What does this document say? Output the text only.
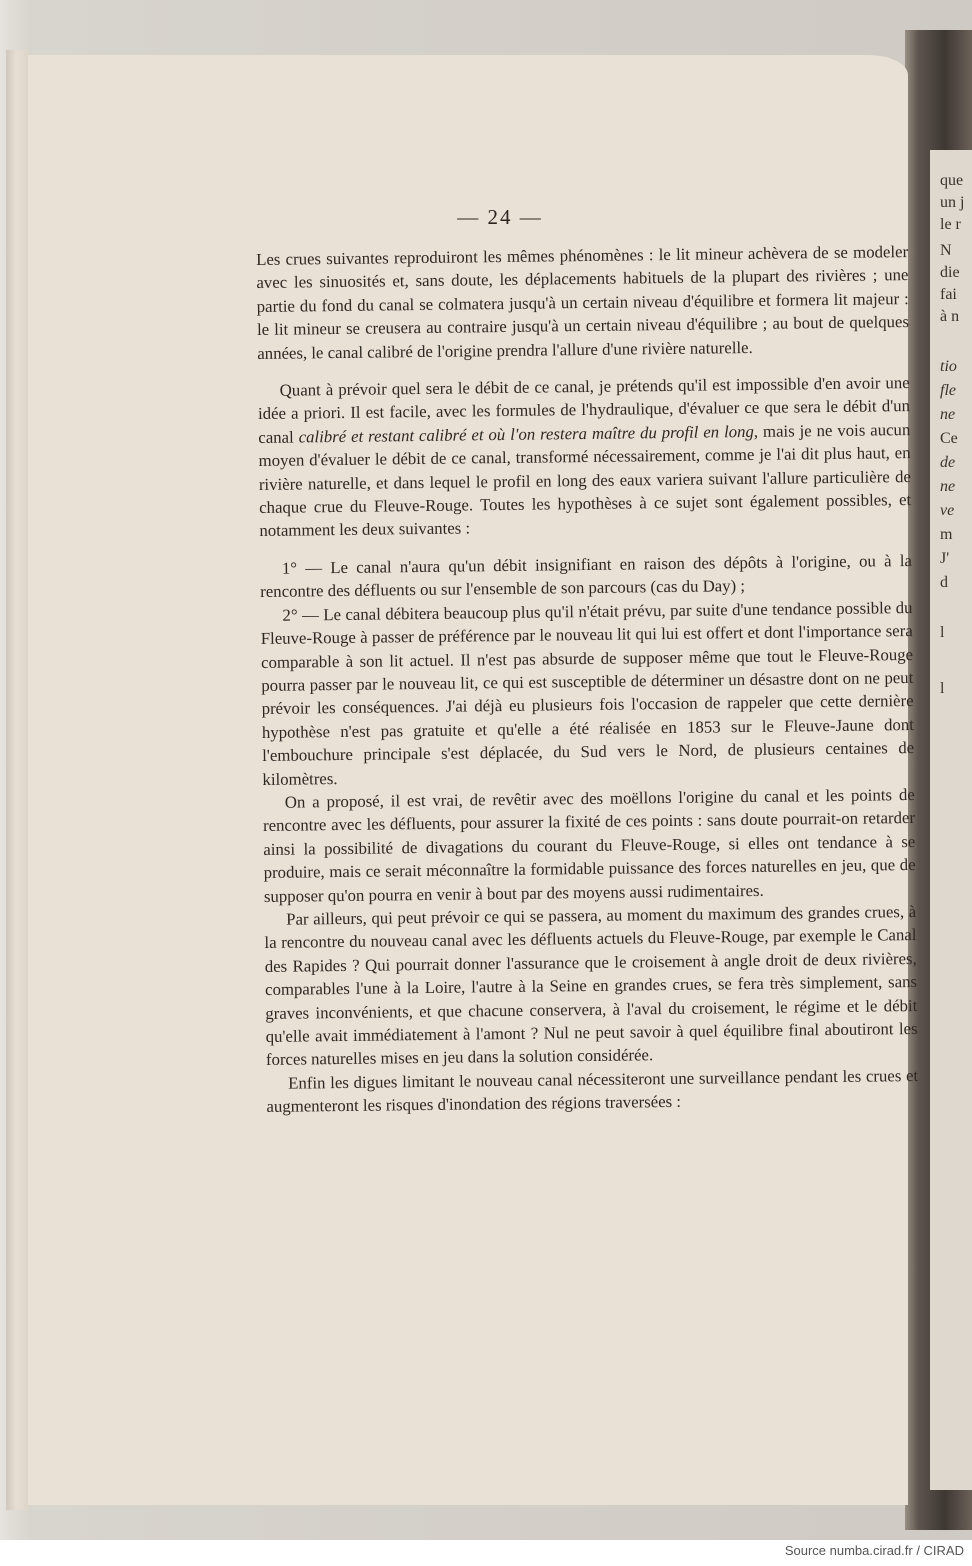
que
un j
le r
N
die
fai
à n
tio
fle
ne
Ce
de
ne
ve
m
J'
d
l
l
— 24 —

Les crues suivantes reproduiront les mêmes phénomènes : le lit mineur achèvera de se modeler avec les sinuosités et, sans doute, les déplacements habituels de la plupart des rivières ; une partie du fond du canal se colmatera jusqu'à un certain niveau d'équilibre et formera lit majeur : le lit mineur se creusera au contraire jusqu'à un certain niveau d'équilibre ; au bout de quelques années, le canal calibré de l'origine prendra l'allure d'une rivière naturelle.

Quant à prévoir quel sera le débit de ce canal, je prétends qu'il est impossible d'en avoir une idée a priori. Il est facile, avec les formules de l'hydraulique, d'évaluer ce que sera le débit d'un canal calibré et restant calibré et où l'on restera maître du profil en long, mais je ne vois aucun moyen d'évaluer le débit de ce canal, transformé nécessairement, comme je l'ai dit plus haut, en rivière naturelle, et dans lequel le profil en long des eaux variera suivant l'allure particulière de chaque crue du Fleuve-Rouge. Toutes les hypothèses à ce sujet sont également possibles, et notamment les deux suivantes :

1° — Le canal n'aura qu'un débit insignifiant en raison des dépôts à l'origine, ou à la rencontre des défluents ou sur l'ensemble de son parcours (cas du Day) ;

2° — Le canal débitera beaucoup plus qu'il n'était prévu, par suite d'une tendance possible du Fleuve-Rouge à passer de préférence par le nouveau lit qui lui est offert et dont l'importance sera comparable à son lit actuel. Il n'est pas absurde de supposer même que tout le Fleuve-Rouge pourra passer par le nouveau lit, ce qui est susceptible de déterminer un désastre dont on ne peut prévoir les conséquences. J'ai déjà eu plusieurs fois l'occasion de rappeler que cette dernière hypothèse n'est pas gratuite et qu'elle a été réalisée en 1853 sur le Fleuve-Jaune dont l'embouchure principale s'est déplacée, du Sud vers le Nord, de plusieurs centaines de kilomètres.

On a proposé, il est vrai, de revêtir avec des moëllons l'origine du canal et les points de rencontre avec les défluents, pour assurer la fixité de ces points : sans doute pourrait-on retarder ainsi la possibilité de divagations du courant du Fleuve-Rouge, si elles ont tendance à se produire, mais ce serait méconnaître la formidable puissance des forces naturelles en jeu, que de supposer qu'on pourra en venir à bout par des moyens aussi rudimentaires.

Par ailleurs, qui peut prévoir ce qui se passera, au moment du maximum des grandes crues, à la rencontre du nouveau canal avec les défluents actuels du Fleuve-Rouge, par exemple le Canal des Rapides ? Qui pourrait donner l'assurance que le croisement à angle droit de deux rivières, comparables l'une à la Loire, l'autre à la Seine en grandes crues, se fera très simplement, sans graves inconvénients, et que chacune conservera, à l'aval du croisement, le régime et le débit qu'elle avait immédiatement à l'amont ? Nul ne peut savoir à quel équilibre final aboutiront les forces naturelles mises en jeu dans la solution considérée.

Enfin les digues limitant le nouveau canal nécessiteront une surveillance pendant les crues et augmenteront les risques d'inondation des régions traversées :

Source numba.cirad.fr / CIRAD
